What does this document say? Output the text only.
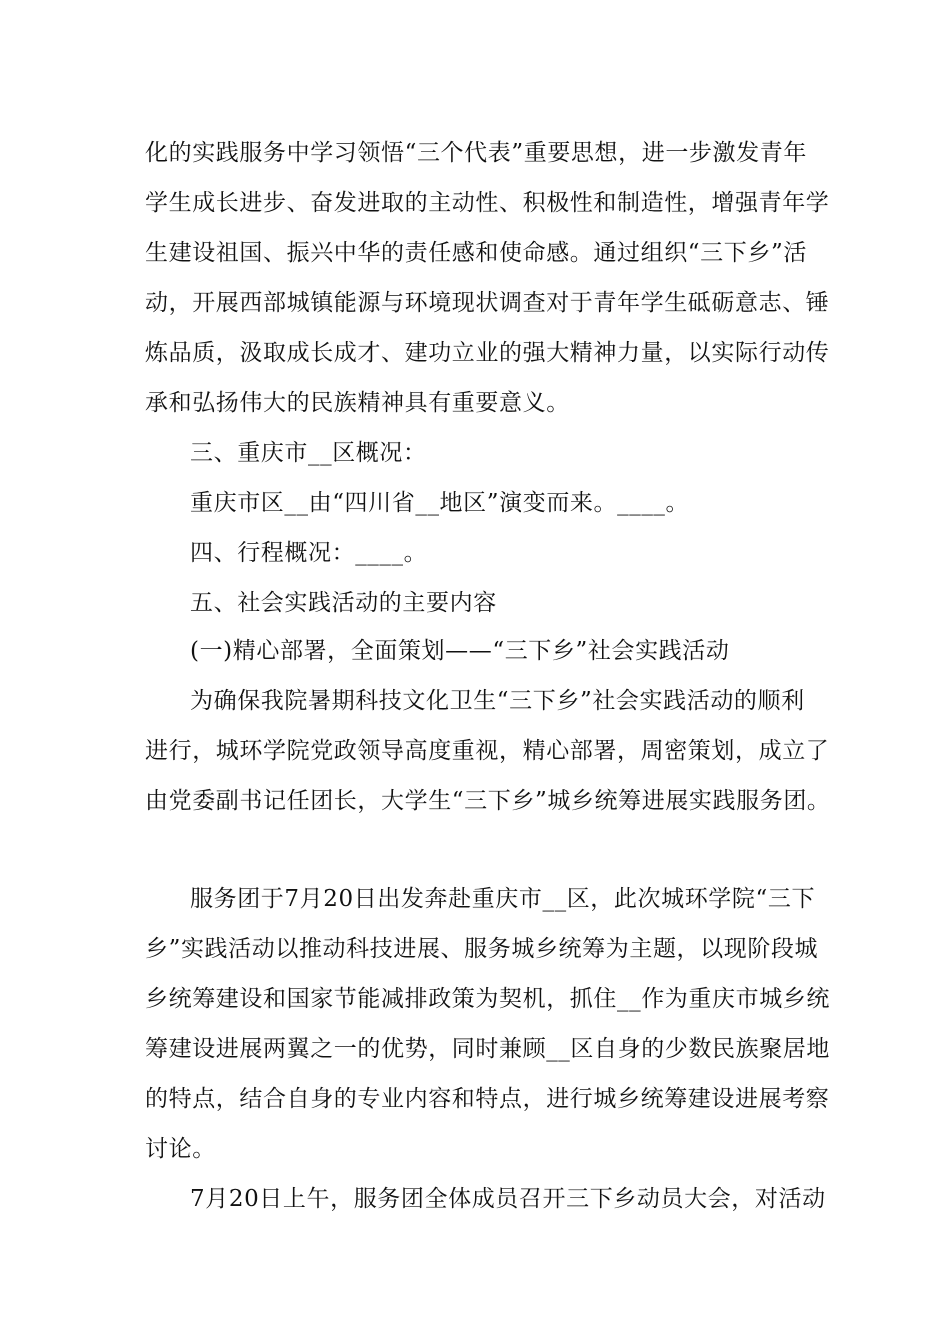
化的实践服务中学习领悟“三个代表”重要思想，进一步激发青年
学生成长进步、奋发进取的主动性、积极性和制造性，增强青年学
生建设祖国、振兴中华的责任感和使命感。通过组织“三下乡”活
动，开展西部城镇能源与环境现状调查对于青年学生砥砺意志、锤
炼品质，汲取成长成才、建功立业的强大精神力量，以实际行动传
承和弘扬伟大的民族精神具有重要意义。
三、重庆市__区概况：
重庆市区__由“四川省__地区”演变而来。____。
四、行程概况：____。
五、社会实践活动的主要内容
(一)精心部署，全面策划——“三下乡”社会实践活动
为确保我院暑期科技文化卫生“三下乡”社会实践活动的顺利
进行，城环学院党政领导高度重视，精心部署，周密策划，成立了
由党委副书记任团长，大学生“三下乡”城乡统筹进展实践服务团。
服务团于7月20日出发奔赴重庆市__区，此次城环学院“三下
乡”实践活动以推动科技进展、服务城乡统筹为主题，以现阶段城
乡统筹建设和国家节能减排政策为契机，抓住__作为重庆市城乡统
筹建设进展两翼之一的优势，同时兼顾__区自身的少数民族聚居地
的特点，结合自身的专业内容和特点，进行城乡统筹建设进展考察
讨论。
7月20日上午，服务团全体成员召开三下乡动员大会，对活动
